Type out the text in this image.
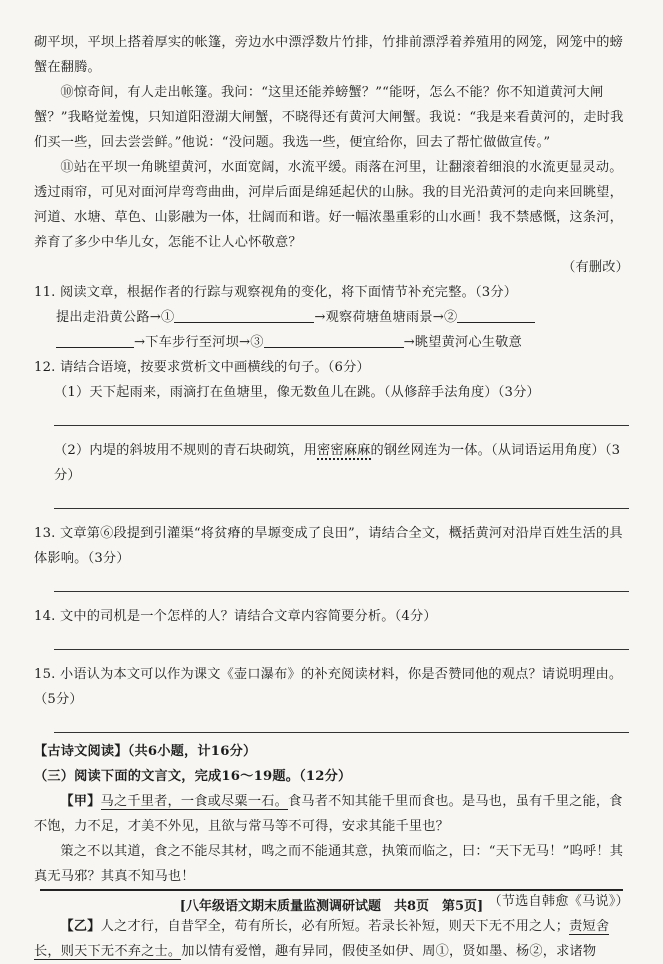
砌平坝，平坝上搭着厚实的帐篷，旁边水中漂浮数片竹排，竹排前漂浮着养殖用的网笼，网笼中的螃蟹在翻腾。

⑩惊奇间，有人走出帐篷。我问：“这里还能养螃蟹？”“能呀，怎么不能？你不知道黄河大闸蟹？”我略觉羞愧，只知道阳澄湖大闸蟹，不晓得还有黄河大闸蟹。我说：“我是来看黄河的，走时我们买一些，回去尝尝鲜。”他说：“没问题。我选一些，便宜给你，回去了帮忙做做宣传。”

⑪站在平坝一角眺望黄河，水面宽阔，水流平缓。雨落在河里，让翻滚着细浪的水流更显灵动。透过雨帘，可见对面河岸弯弯曲曲，河岸后面是绵延起伏的山脉。我的目光沿黄河的走向来回眺望，河道、水塘、草色、山影融为一体，壮阔而和谐。好一幅浓墨重彩的山水画！我不禁感慨，这条河，养育了多少中华儿女，怎能不让人心怀敬意？

（有删改）

11. 阅读文章，根据作者的行踪与观察视角的变化，将下面情节补充完整。（3分）

提出走沿黄公路→①	→观察荷塘鱼塘雨景→②

→下车步行至河坝→③	→眺望黄河心生敬意

12. 请结合语境，按要求赏析文中画横线的句子。（6分）

（1）天下起雨来，雨滴打在鱼塘里，像无数鱼儿在跳。（从修辞手法角度）（3分）

（2）内堤的斜坡用不规则的青石块砌筑，用密密麻麻的钢丝网连为一体。（从词语运用角度）（3分）

13. 文章第⑥段提到引灌渠“将贫瘠的旱塬变成了良田”，请结合全文，概括黄河对沿岸百姓生活的具体影响。（3分）

14. 文中的司机是一个怎样的人？请结合文章内容简要分析。（4分）

15. 小语认为本文可以作为课文《壶口瀑布》的补充阅读材料，你是否赞同他的观点？请说明理由。（5分）

【古诗文阅读】（共6小题，计16分）

（三）阅读下面的文言文，完成16～19题。（12分）

【甲】马之千里者，一食或尽粟一石。食马者不知其能千里而食也。是马也，虽有千里之能，食不饱，力不足，才美不外见，且欲与常马等不可得，安求其能千里也？

策之不以其道，食之不能尽其材，鸣之而不能通其意，执策而临之，曰：“天下无马！”呜呼！其真无马邪？其真不知马也！

（节选自韩愈《马说》）

【乙】人之才行，自昔罕全，苟有所长，必有所短。若录长补短，则天下无不用之人；责短舍长，则天下无不弃之士。加以情有爱憎，趣有异同，假使圣如伊、周①，贤如墨、杨②，求诸物

[八年级语文期末质量监测调研试题　共8页　第5页]
